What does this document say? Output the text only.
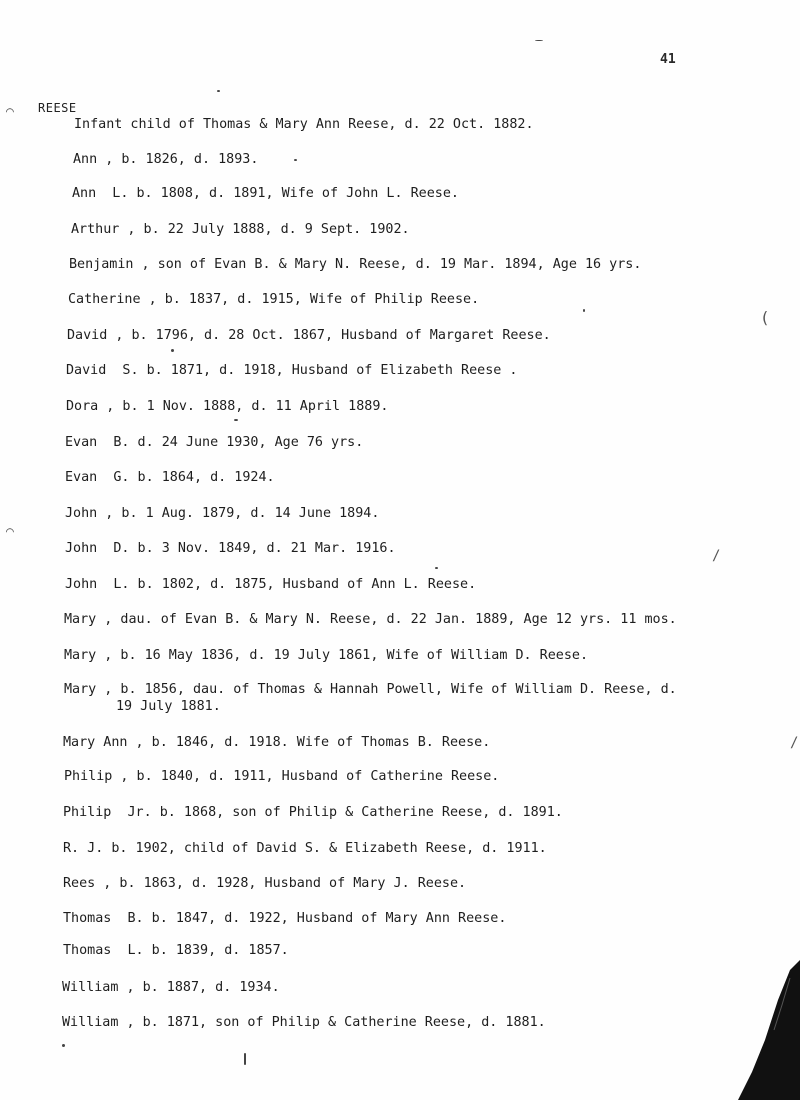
41
REESE
Infant child of Thomas & Mary Ann Reese, d. 22 Oct. 1882.
Ann , b. 1826, d. 1893.
Ann  L. b. 1808, d. 1891, Wife of John L. Reese.
Arthur , b. 22 July 1888, d. 9 Sept. 1902.
Benjamin , son of Evan B. & Mary N. Reese, d. 19 Mar. 1894, Age 16 yrs.
Catherine , b. 1837, d. 1915, Wife of Philip Reese.
David , b. 1796, d. 28 Oct. 1867, Husband of Margaret Reese.
David  S. b. 1871, d. 1918, Husband of Elizabeth Reese .
Dora , b. 1 Nov. 1888, d. 11 April 1889.
Evan  B. d. 24 June 1930, Age 76 yrs.
Evan  G. b. 1864, d. 1924.
John , b. 1 Aug. 1879, d. 14 June 1894.
John  D. b. 3 Nov. 1849, d. 21 Mar. 1916.
John  L. b. 1802, d. 1875, Husband of Ann L. Reese.
Mary , dau. of Evan B. & Mary N. Reese, d. 22 Jan. 1889, Age 12 yrs. 11 mos.
Mary , b. 16 May 1836, d. 19 July 1861, Wife of William D. Reese.
Mary , b. 1856, dau. of Thomas & Hannah Powell, Wife of William D. Reese, d.
19 July 1881.
Mary Ann , b. 1846, d. 1918. Wife of Thomas B. Reese.
Philip , b. 1840, d. 1911, Husband of Catherine Reese.
Philip  Jr. b. 1868, son of Philip & Catherine Reese, d. 1891.
R. J. b. 1902, child of David S. & Elizabeth Reese, d. 1911.
Rees , b. 1863, d. 1928, Husband of Mary J. Reese.
Thomas  B. b. 1847, d. 1922, Husband of Mary Ann Reese.
Thomas  L. b. 1839, d. 1857.
William , b. 1887, d. 1934.
William , b. 1871, son of Philip & Catherine Reese, d. 1881.
(
⌒
⌒
/
/
